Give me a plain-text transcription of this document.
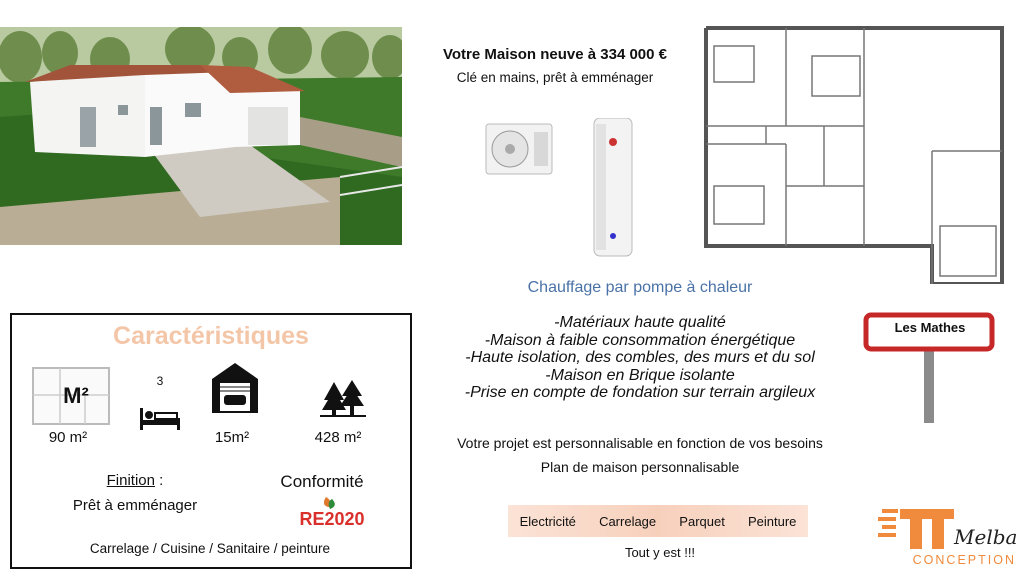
Votre Maison neuve à 334 000 €
Clé en mains, prêt à emménager
Chauffage par pompe à chaleur
-Matériaux haute qualité
-Maison à faible consommation énergétique
-Haute isolation, des combles, des murs et du sol
-Maison en Brique isolante
-Prise en compte de fondation sur terrain argileux
Les Mathes
Votre projet est personnalisable en fonction de vos besoins
Plan de maison personnalisable
Electricité Carrelage Parquet Peinture
Tout y est !!!
Caractéristiques
M²
90 m²
3
15m²	428 m²
Finition :
Prêt à emménager
Conformité
RE2020
Carrelage / Cuisine / Sanitaire / peinture	Melba
CONCEPTION
